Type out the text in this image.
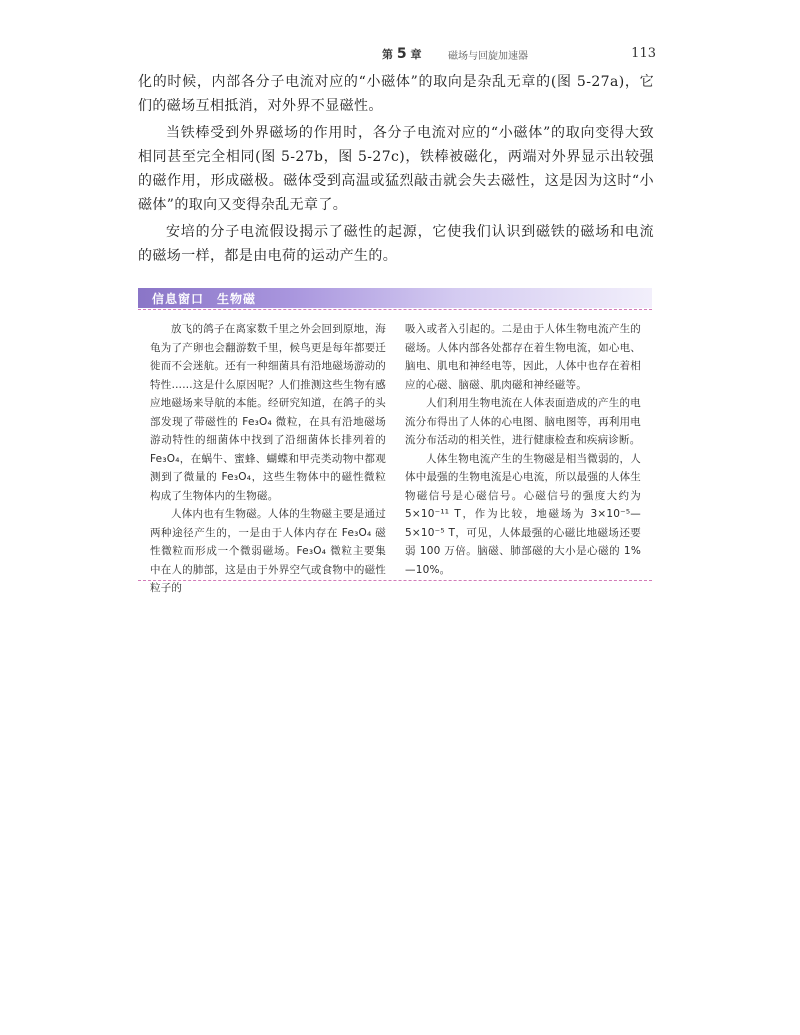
第 5 章	磁场与回旋加速器	113

化的时候，内部各分子电流对应的“小磁体”的取向是杂乱无章的(图 5-27a)，它们的磁场互相抵消，对外界不显磁性。

当铁棒受到外界磁场的作用时，各分子电流对应的“小磁体”的取向变得大致相同甚至完全相同(图 5-27b，图 5-27c)，铁棒被磁化，两端对外界显示出较强的磁作用，形成磁极。磁体受到高温或猛烈敲击就会失去磁性，这是因为这时“小磁体”的取向又变得杂乱无章了。

安培的分子电流假设揭示了磁性的起源，它使我们认识到磁铁的磁场和电流的磁场一样，都是由电荷的运动产生的。

信息窗口　生物磁

放飞的鸽子在离家数千里之外会回到原地，海龟为了产卵也会翻游数千里，候鸟更是每年都要迁徙而不会迷航。还有一种细菌具有沿地磁场游动的特性……这是什么原因呢？人们推测这些生物有感应地磁场来导航的本能。经研究知道，在鸽子的头部发现了带磁性的 Fe₃O₄ 微粒，在具有沿地磁场游动特性的细菌体中找到了沿细菌体长排列着的 Fe₃O₄，在蜗牛、蜜蜂、蝴蝶和甲壳类动物中都观测到了微量的 Fe₃O₄，这些生物体中的磁性微粒构成了生物体内的生物磁。

人体内也有生物磁。人体的生物磁主要是通过两种途径产生的，一是由于人体内存在 Fe₃O₄ 磁性微粒而形成一个微弱磁场。Fe₃O₄ 微粒主要集中在人的肺部，这是由于外界空气或食物中的磁性粒子的

吸入或者入引起的。二是由于人体生物电流产生的磁场。人体内部各处都存在着生物电流，如心电、脑电、肌电和神经电等，因此，人体中也存在着相应的心磁、脑磁、肌肉磁和神经磁等。

人们利用生物电流在人体表面造成的产生的电流分布得出了人体的心电图、脑电图等，再利用电流分布活动的相关性，进行健康检查和疾病诊断。

人体生物电流产生的生物磁是相当微弱的，人体中最强的生物电流是心电流，所以最强的人体生物磁信号是心磁信号。心磁信号的强度大约为 5×10⁻¹¹ T，作为比较，地磁场为 3×10⁻⁵—5×10⁻⁵ T，可见，人体最强的心磁比地磁场还要弱 100 万倍。脑磁、肺部磁的大小是心磁的 1%—10%。
